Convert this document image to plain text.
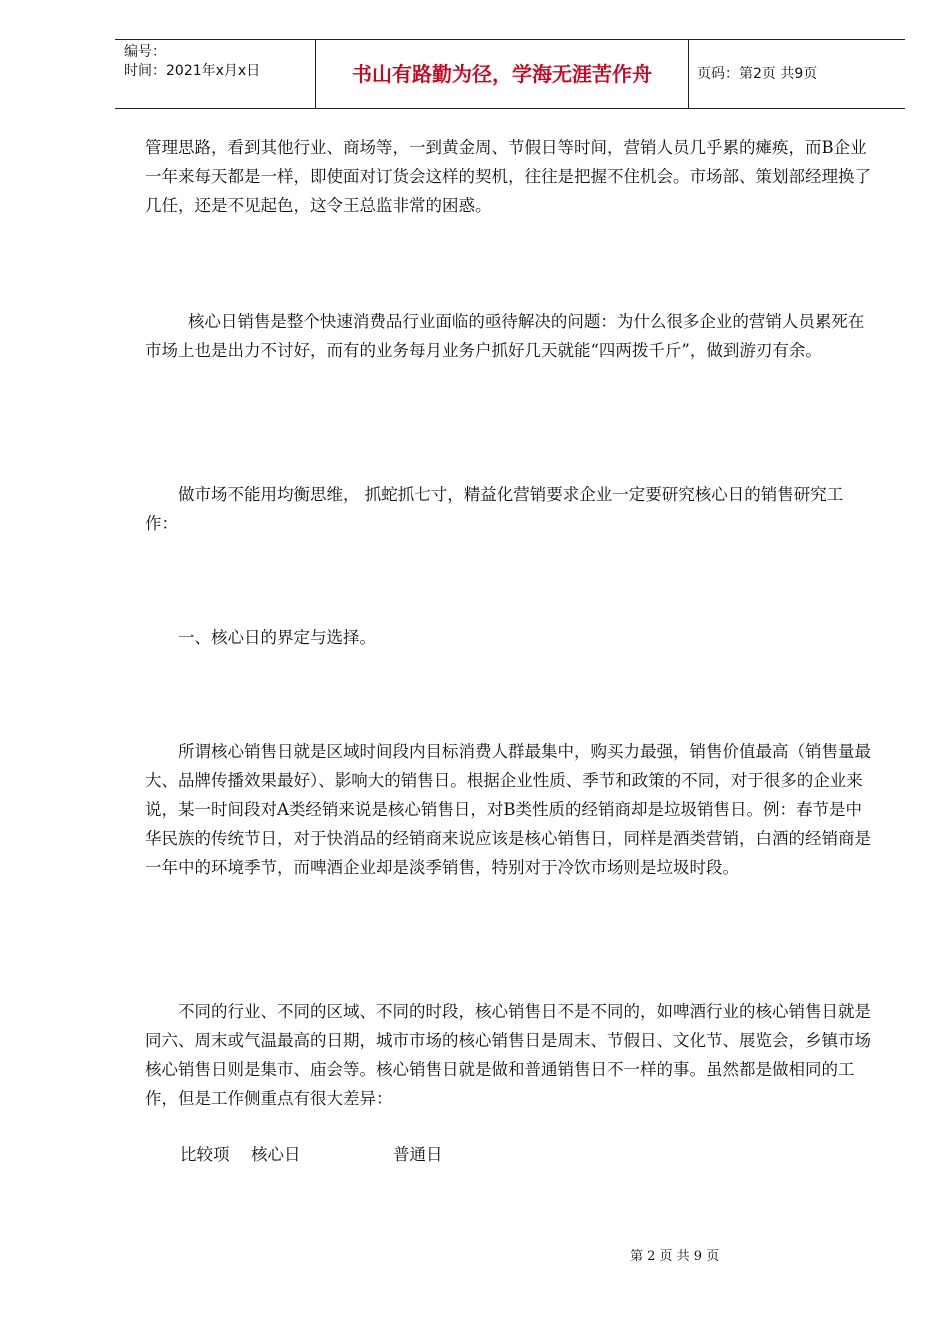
编号：
时间：2021年x月x日	书山有路勤为径，学海无涯苦作舟	页码：第2页 共9页

管理思路，看到其他行业、商场等，一到黄金周、节假日等时间，营销人员几乎累的瘫痪，而B企业一年来每天都是一样，即使面对订货会这样的契机，往往是把握不住机会。市场部、策划部经理换了几任，还是不见起色，这令王总监非常的困惑。

核心日销售是整个快速消费品行业面临的亟待解决的问题：为什么很多企业的营销人员累死在市场上也是出力不讨好，而有的业务每月业务户抓好几天就能“四两拨千斤”，做到游刃有余。

做市场不能用均衡思维， 抓蛇抓七寸，精益化营销要求企业一定要研究核心日的销售研究工作：

一、核心日的界定与选择。

所谓核心销售日就是区域时间段内目标消费人群最集中，购买力最强，销售价值最高（销售量最大、品牌传播效果最好）、影响大的销售日。根据企业性质、季节和政策的不同，对于很多的企业来说，某一时间段对A类经销来说是核心销售日，对B类性质的经销商却是垃圾销售日。例：春节是中华民族的传统节日，对于快消品的经销商来说应该是核心销售日，同样是酒类营销，白酒的经销商是一年中的环境季节，而啤酒企业却是淡季销售，特别对于冷饮市场则是垃圾时段。

不同的行业、不同的区域、不同的时段，核心销售日不是不同的，如啤酒行业的核心销售日就是同六、周末或气温最高的日期，城市市场的核心销售日是周末、节假日、文化节、展览会，乡镇市场核心销售日则是集市、庙会等。核心销售日就是做和普通销售日不一样的事。虽然都是做相同的工作，但是工作侧重点有很大差异：

比较项 核心日	普通日
第 2 页 共 9 页
